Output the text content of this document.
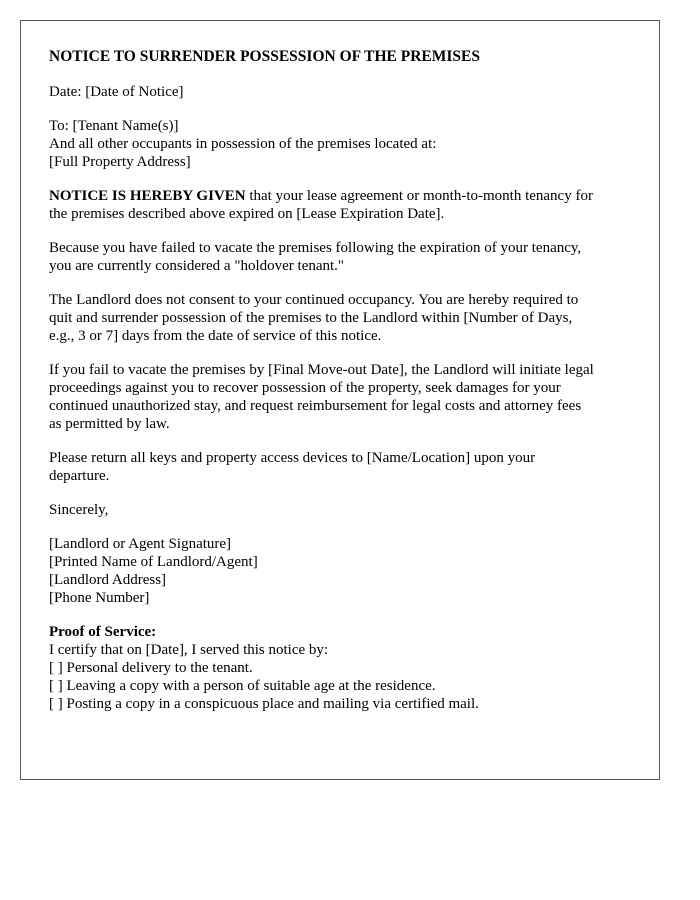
NOTICE TO SURRENDER POSSESSION OF THE PREMISES

Date: [Date of Notice]

To: [Tenant Name(s)]
And all other occupants in possession of the premises located at:
[Full Property Address]

NOTICE IS HEREBY GIVEN that your lease agreement or month-to-month tenancy for
the premises described above expired on [Lease Expiration Date].

Because you have failed to vacate the premises following the expiration of your tenancy,
you are currently considered a "holdover tenant."

The Landlord does not consent to your continued occupancy. You are hereby required to
quit and surrender possession of the premises to the Landlord within [Number of Days,
e.g., 3 or 7] days from the date of service of this notice.

If you fail to vacate the premises by [Final Move-out Date], the Landlord will initiate legal
proceedings against you to recover possession of the property, seek damages for your
continued unauthorized stay, and request reimbursement for legal costs and attorney fees
as permitted by law.

Please return all keys and property access devices to [Name/Location] upon your
departure.

Sincerely,

[Landlord or Agent Signature]
[Printed Name of Landlord/Agent]
[Landlord Address]
[Phone Number]

Proof of Service:
I certify that on [Date], I served this notice by:
[ ] Personal delivery to the tenant.
[ ] Leaving a copy with a person of suitable age at the residence.
[ ] Posting a copy in a conspicuous place and mailing via certified mail.
